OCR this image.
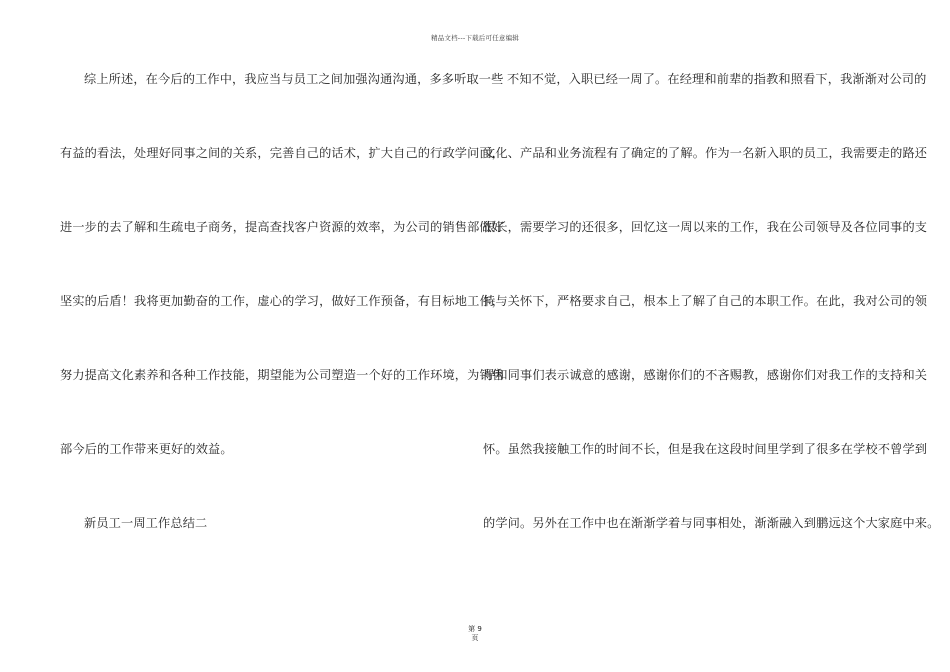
精品文档---下载后可任意编辑
综上所述，在今后的工作中，我应当与员工之间加强沟通沟通，多多听取一些
有益的看法，处理好同事之间的关系，完善自己的话术，扩大自己的行政学问面，
进一步的去了解和生疏电子商务，提高查找客户资源的效率，为公司的销售部做好
坚实的后盾！我将更加勤奋的工作，虚心的学习，做好工作预备，有目标地工作，
努力提高文化素养和各种工作技能，期望能为公司塑造一个好的工作环境，为销售
部今后的工作带来更好的效益。
新员工一周工作总结二
不知不觉，入职已经一周了。在经理和前辈的指教和照看下，我渐渐对公司的
文化、产品和业务流程有了确定的了解。作为一名新入职的员工，我需要走的路还
很长，需要学习的还很多，回忆这一周以来的工作，我在公司领导及各位同事的支
持与关怀下，严格要求自己，根本上了解了自己的本职工作。在此，我对公司的领
导和同事们表示诚意的感谢，感谢你们的不吝赐教，感谢你们对我工作的支持和关
怀。虽然我接触工作的时间不长，但是我在这段时间里学到了很多在学校不曾学到
的学问。另外在工作中也在渐渐学着与同事相处，渐渐融入到鹏远这个大家庭中来。
第 9
页
